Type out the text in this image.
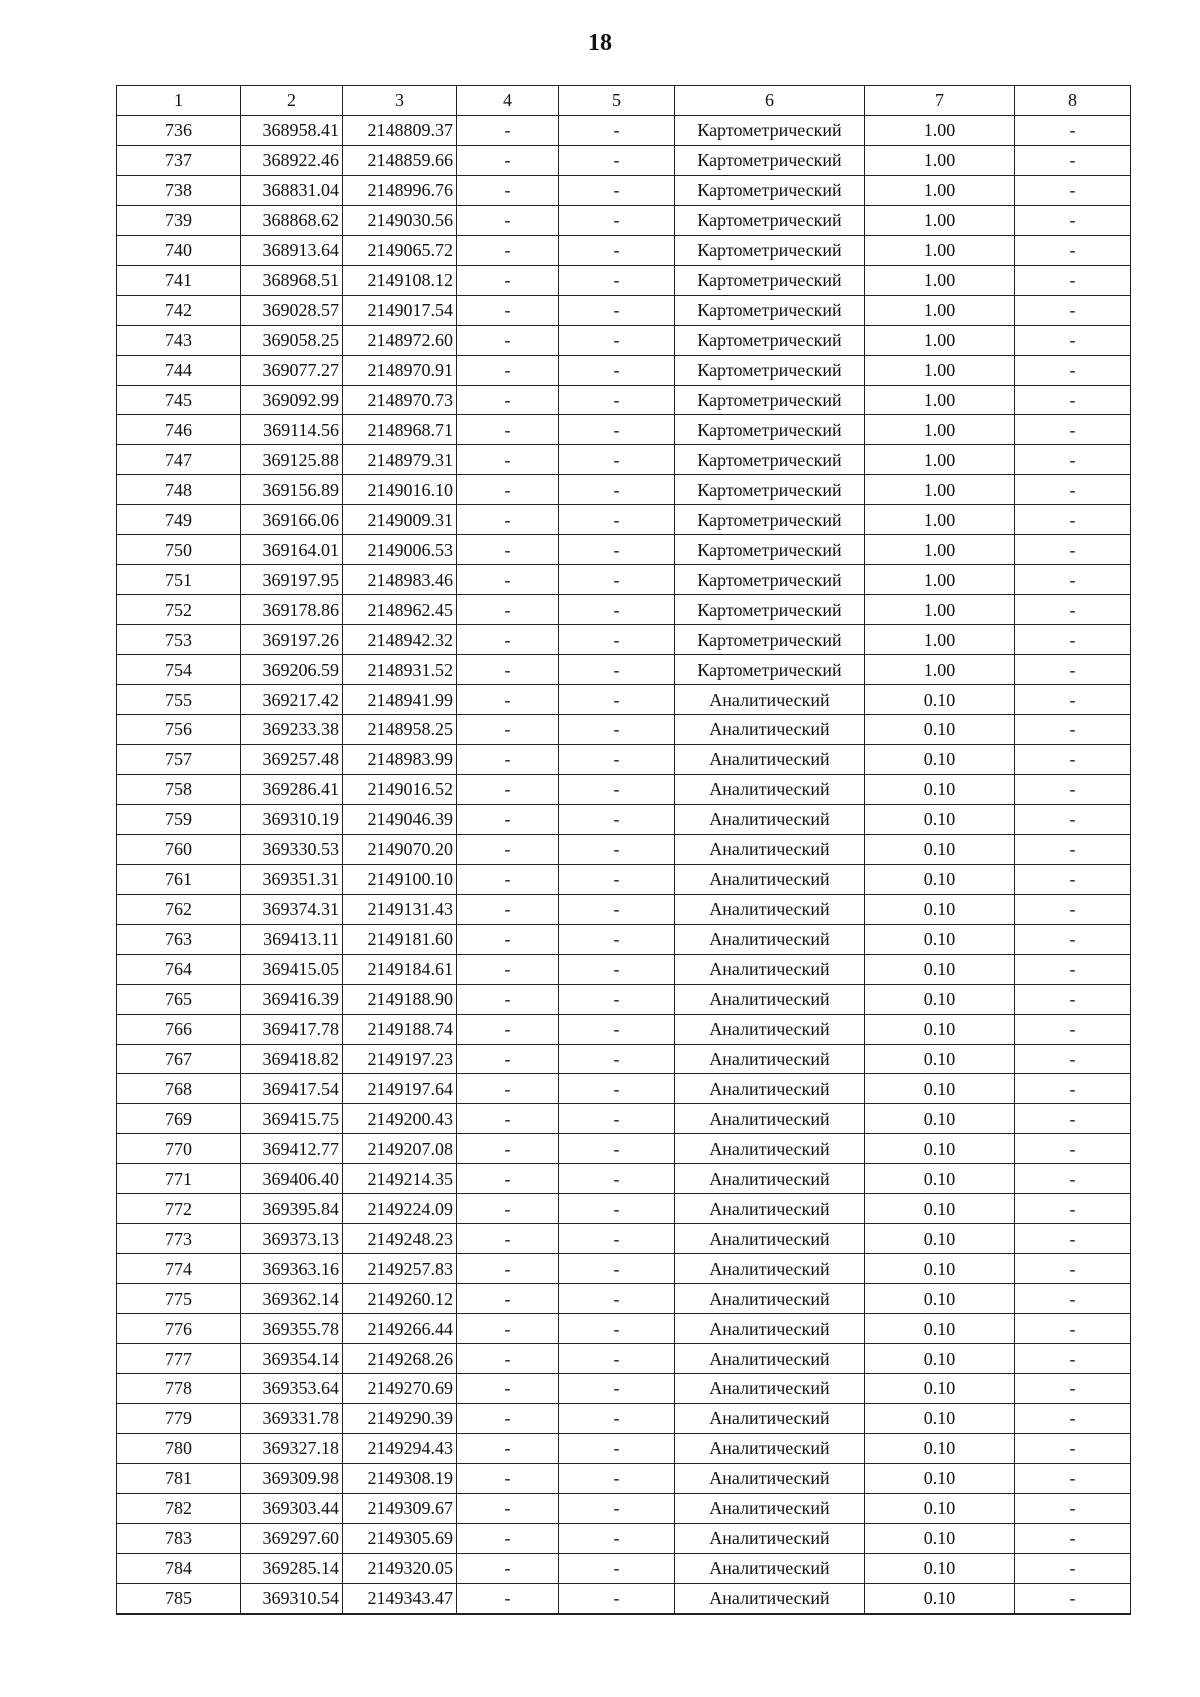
18
1	2	3	4	5	6	7	8
736	368958.41	2148809.37	-	-	Картометрический	1.00	-
737	368922.46	2148859.66	-	-	Картометрический	1.00	-
738	368831.04	2148996.76	-	-	Картометрический	1.00	-
739	368868.62	2149030.56	-	-	Картометрический	1.00	-
740	368913.64	2149065.72	-	-	Картометрический	1.00	-
741	368968.51	2149108.12	-	-	Картометрический	1.00	-
742	369028.57	2149017.54	-	-	Картометрический	1.00	-
743	369058.25	2148972.60	-	-	Картометрический	1.00	-
744	369077.27	2148970.91	-	-	Картометрический	1.00	-
745	369092.99	2148970.73	-	-	Картометрический	1.00	-
746	369114.56	2148968.71	-	-	Картометрический	1.00	-
747	369125.88	2148979.31	-	-	Картометрический	1.00	-
748	369156.89	2149016.10	-	-	Картометрический	1.00	-
749	369166.06	2149009.31	-	-	Картометрический	1.00	-
750	369164.01	2149006.53	-	-	Картометрический	1.00	-
751	369197.95	2148983.46	-	-	Картометрический	1.00	-
752	369178.86	2148962.45	-	-	Картометрический	1.00	-
753	369197.26	2148942.32	-	-	Картометрический	1.00	-
754	369206.59	2148931.52	-	-	Картометрический	1.00	-
755	369217.42	2148941.99	-	-	Аналитический	0.10	-
756	369233.38	2148958.25	-	-	Аналитический	0.10	-
757	369257.48	2148983.99	-	-	Аналитический	0.10	-
758	369286.41	2149016.52	-	-	Аналитический	0.10	-
759	369310.19	2149046.39	-	-	Аналитический	0.10	-
760	369330.53	2149070.20	-	-	Аналитический	0.10	-
761	369351.31	2149100.10	-	-	Аналитический	0.10	-
762	369374.31	2149131.43	-	-	Аналитический	0.10	-
763	369413.11	2149181.60	-	-	Аналитический	0.10	-
764	369415.05	2149184.61	-	-	Аналитический	0.10	-
765	369416.39	2149188.90	-	-	Аналитический	0.10	-
766	369417.78	2149188.74	-	-	Аналитический	0.10	-
767	369418.82	2149197.23	-	-	Аналитический	0.10	-
768	369417.54	2149197.64	-	-	Аналитический	0.10	-
769	369415.75	2149200.43	-	-	Аналитический	0.10	-
770	369412.77	2149207.08	-	-	Аналитический	0.10	-
771	369406.40	2149214.35	-	-	Аналитический	0.10	-
772	369395.84	2149224.09	-	-	Аналитический	0.10	-
773	369373.13	2149248.23	-	-	Аналитический	0.10	-
774	369363.16	2149257.83	-	-	Аналитический	0.10	-
775	369362.14	2149260.12	-	-	Аналитический	0.10	-
776	369355.78	2149266.44	-	-	Аналитический	0.10	-
777	369354.14	2149268.26	-	-	Аналитический	0.10	-
778	369353.64	2149270.69	-	-	Аналитический	0.10	-
779	369331.78	2149290.39	-	-	Аналитический	0.10	-
780	369327.18	2149294.43	-	-	Аналитический	0.10	-
781	369309.98	2149308.19	-	-	Аналитический	0.10	-
782	369303.44	2149309.67	-	-	Аналитический	0.10	-
783	369297.60	2149305.69	-	-	Аналитический	0.10	-
784	369285.14	2149320.05	-	-	Аналитический	0.10	-
785	369310.54	2149343.47	-	-	Аналитический	0.10	-
